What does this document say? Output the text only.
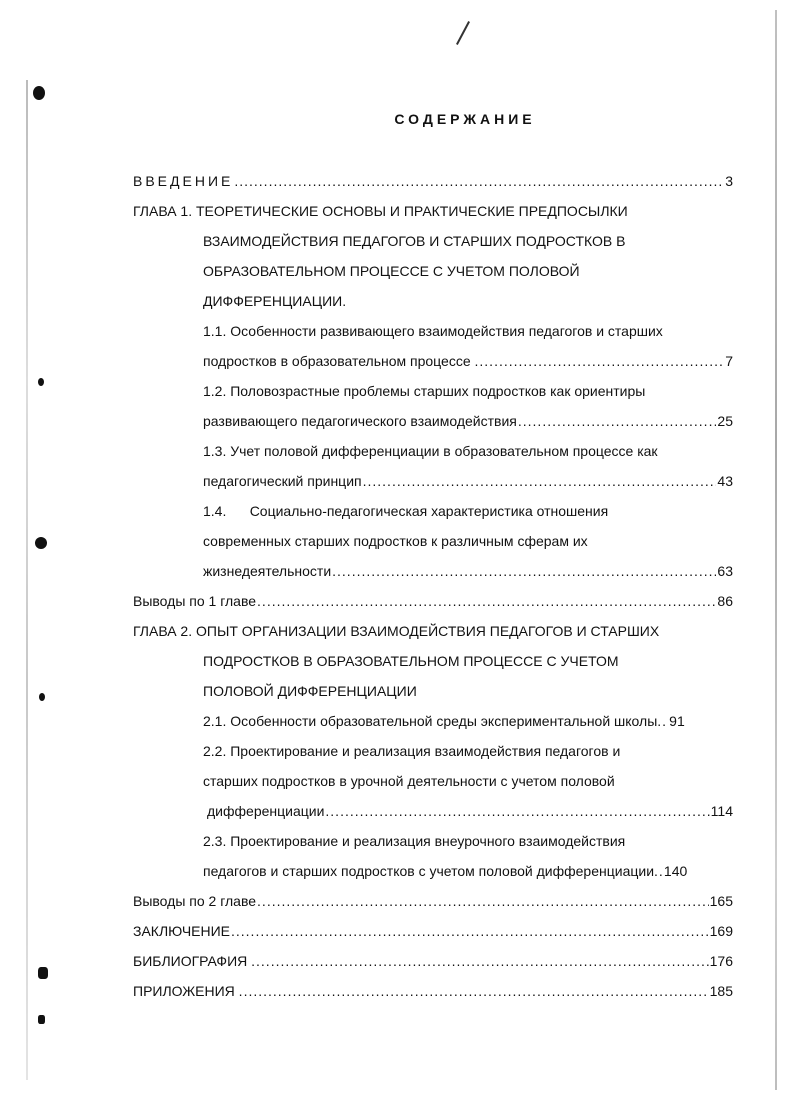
СОДЕРЖАНИЕ
ВВЕДЕНИЕ .....	3
ГЛАВА 1. ТЕОРЕТИЧЕСКИЕ ОСНОВЫ И ПРАКТИЧЕСКИЕ ПРЕДПОСЫЛКИ
ВЗАИМОДЕЙСТВИЯ ПЕДАГОГОВ И СТАРШИХ ПОДРОСТКОВ В
ОБРАЗОВАТЕЛЬНОМ ПРОЦЕССЕ С УЧЕТОМ ПОЛОВОЙ
ДИФФЕРЕНЦИАЦИИ.
1.1. Особенности развивающего взаимодействия педагогов и старших
подростков в образовательном процессе . .....	7
1.2. Половозрастные проблемы старших подростков как ориентиры
развивающего педагогического взаимодействия .....	25
1.3. Учет половой дифференциации в образовательном процессе как
педагогический принцип .....	43
1.4.      Социально-педагогическая характеристика отношения
современных старших подростков к различным сферам их
жизнедеятельности .....	63
Выводы по 1 главе .....	86
ГЛАВА 2. ОПЫТ ОРГАНИЗАЦИИ ВЗАИМОДЕЙСТВИЯ ПЕДАГОГОВ И СТАРШИХ
ПОДРОСТКОВ В ОБРАЗОВАТЕЛЬНОМ ПРОЦЕССЕ С УЧЕТОМ
ПОЛОВОЙ ДИФФЕРЕНЦИАЦИИ
2.1. Особенности образовательной среды экспериментальной школы. ..... 91
2.2. Проектирование и реализация взаимодействия педагогов и
старших подростков в урочной деятельности с учетом половой
дифференциации .....	114
2.3. Проектирование и реализация внеурочного взаимодействия
педагогов и старших подростков с учетом половой дифференциации. ..... 140
Выводы по 2 главе .....	165
ЗАКЛЮЧЕНИЕ .....	169
БИБЛИОГРАФИЯ . .....	176
ПРИЛОЖЕНИЯ . .....	185
